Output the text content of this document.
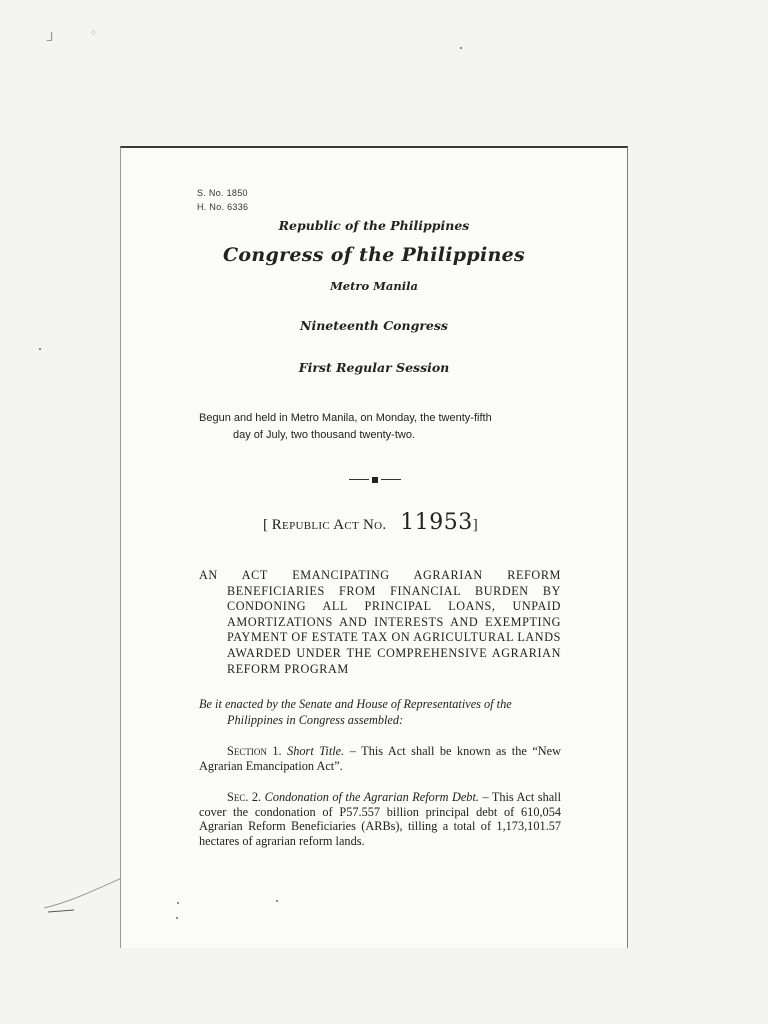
ᒧ	◦
S. No. 1850
H. No. 6336
Republic of the Philippines
Congress of the Philippines
Metro Manila
Nineteenth Congress
First Regular Session
Begun and held in Metro Manila, on Monday, the twenty-fifth
day of July, two thousand twenty-two.
[ Republic Act No. 11953]
AN ACT EMANCIPATING AGRARIAN REFORM
BENEFICIARIES FROM FINANCIAL BURDEN BY CONDONING ALL PRINCIPAL LOANS, UNPAID AMORTIZATIONS AND INTERESTS AND EXEMPTING PAYMENT OF ESTATE TAX ON AGRICULTURAL LANDS AWARDED UNDER THE COMPREHENSIVE AGRARIAN REFORM PROGRAM
Be it enacted by the Senate and House of Representatives of the
Philippines in Congress assembled:

Section 1. Short Title. – This Act shall be known as the “New Agrarian Emancipation Act”.

Sec. 2. Condonation of the Agrarian Reform Debt. – This Act shall cover the condonation of P57.557 billion principal debt of 610,054 Agrarian Reform Beneficiaries (ARBs), tilling a total of 1,173,101.57 hectares of agrarian reform lands.
